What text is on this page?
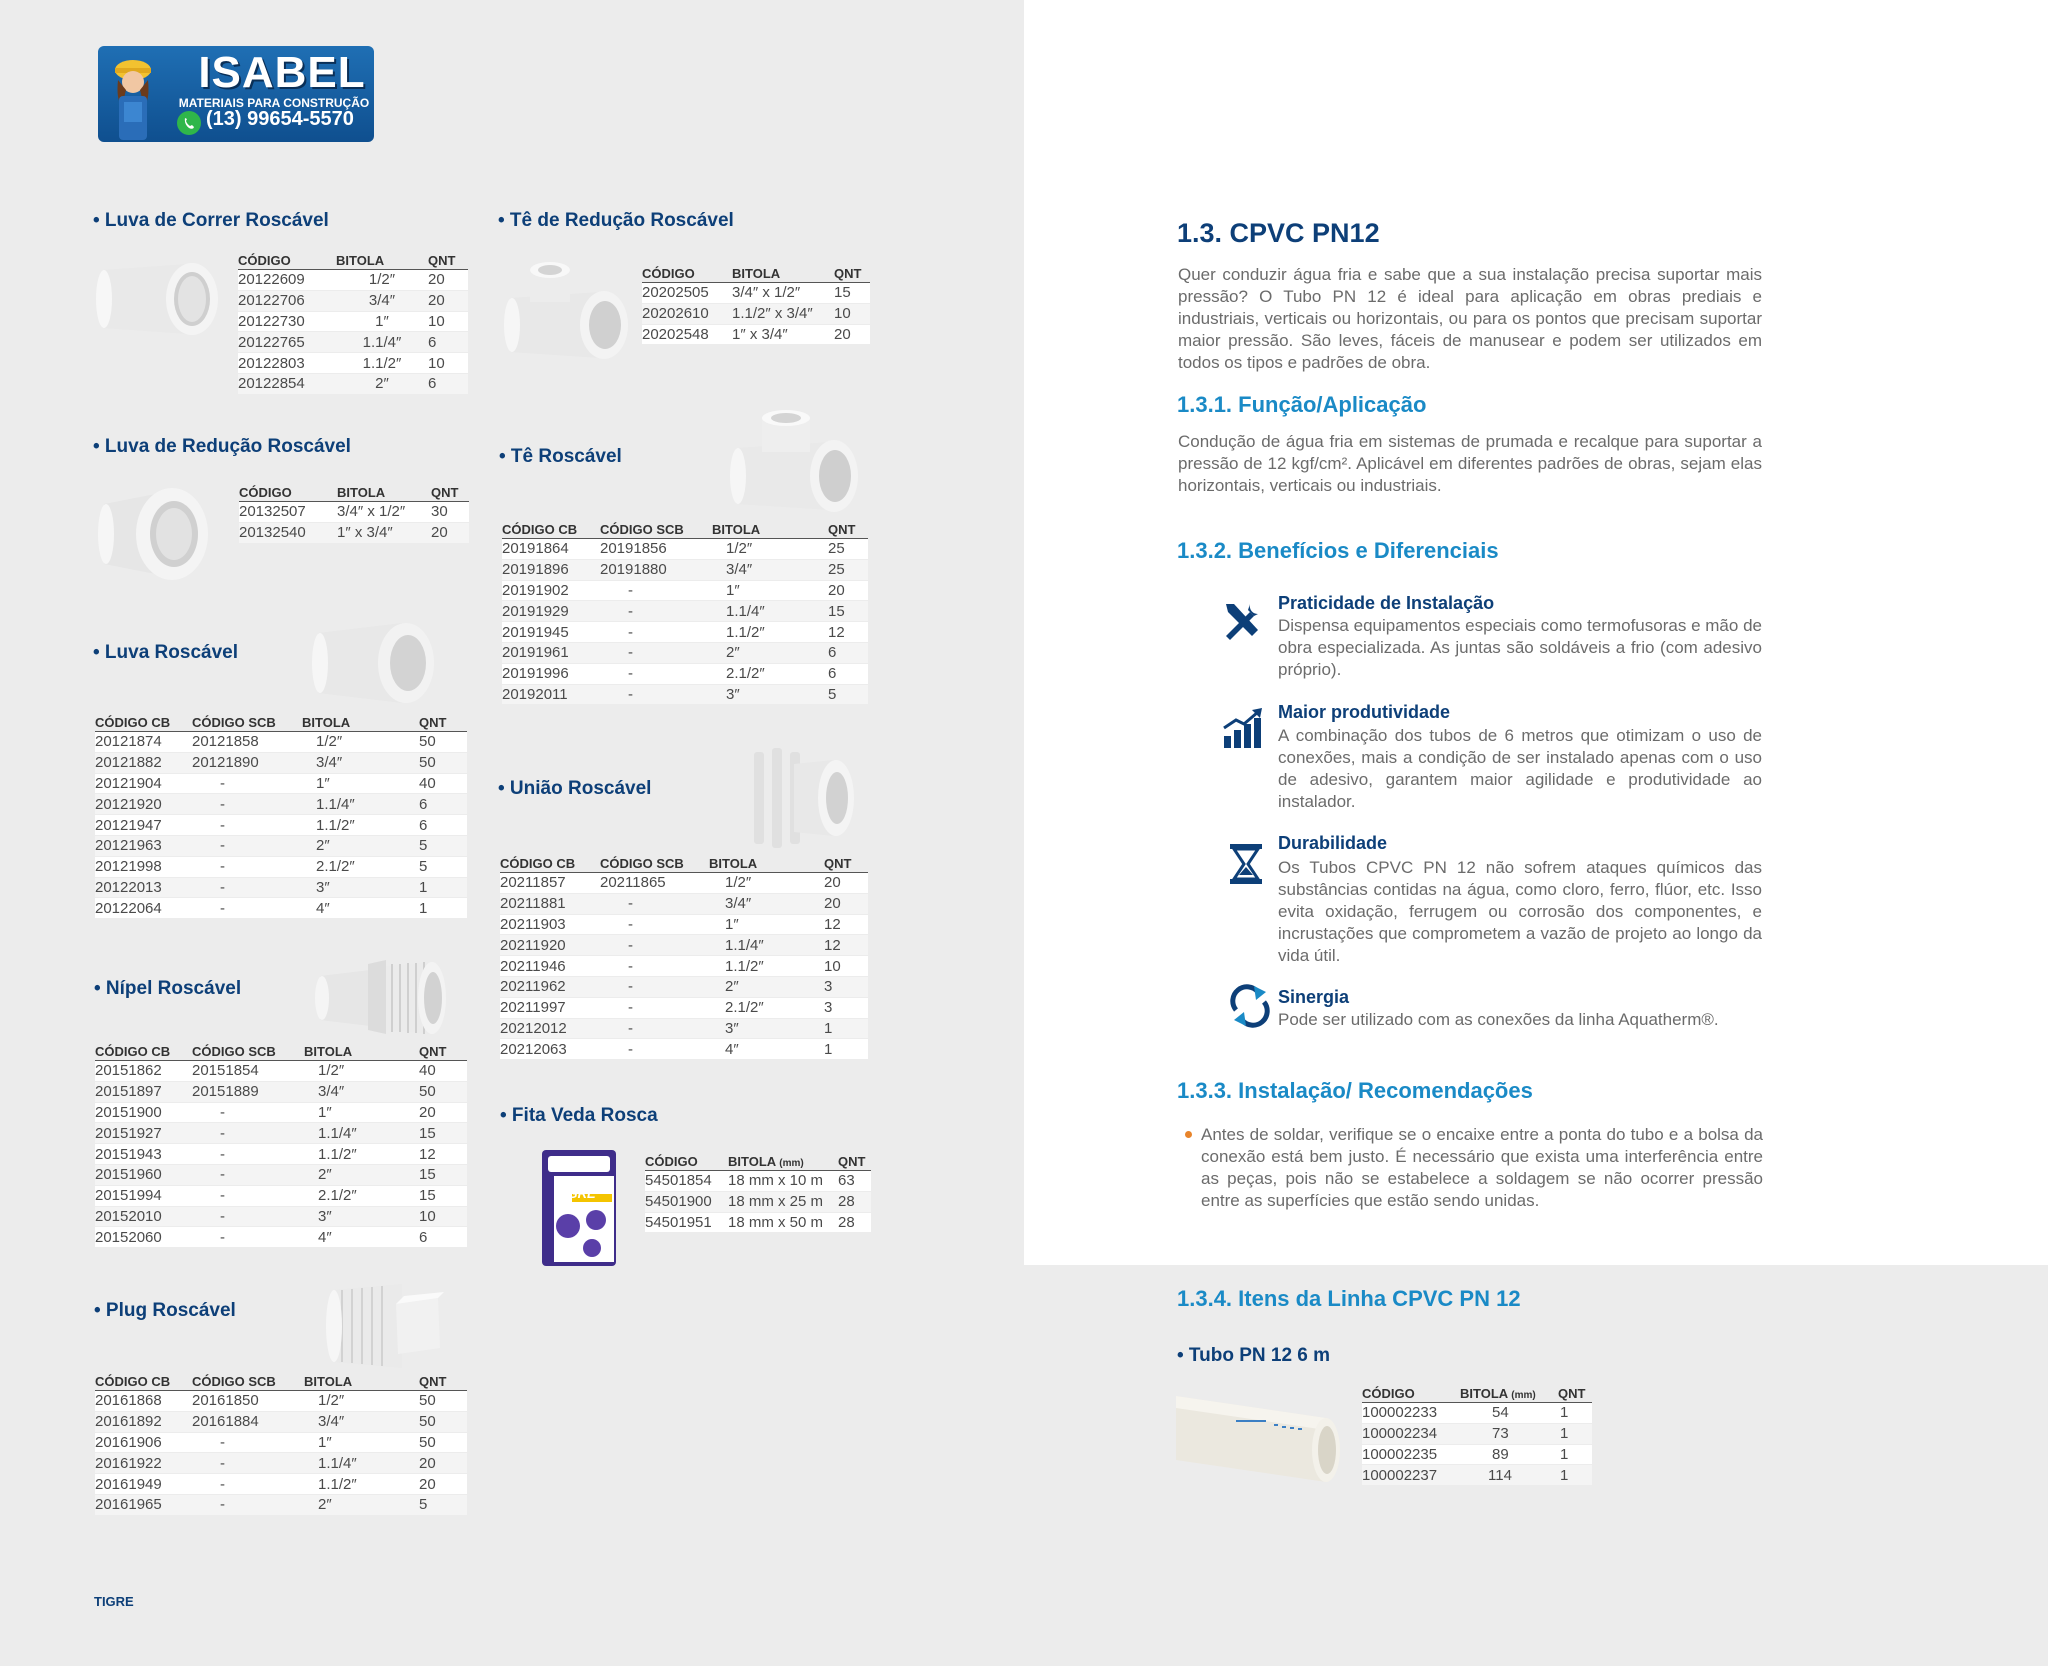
ISABEL
MATERIAIS PARA CONSTRUÇÃO
(13) 99654-5570
• Luva de Correr Roscável
CÓDIGO	BITOLA	QNT
20122609	1/2″	20
20122706	3/4″	20
20122730	1″	10
20122765	1.1/4″	6
20122803	1.1/2″	10
20122854	2″	6
• Luva de Redução Roscável
CÓDIGO	BITOLA	QNT
20132507	3/4″ x 1/2″	30
20132540	1″ x 3/4″	20
• Luva Roscável
CÓDIGO CB	CÓDIGO SCB	BITOLA	QNT
20121874	20121858	1/2″	50
20121882	20121890	3/4″	50
20121904	-	1″	40
20121920	-	1.1/4″	6
20121947	-	1.1/2″	6
20121963	-	2″	5
20121998	-	2.1/2″	5
20122013	-	3″	1
20122064	-	4″	1
• Nípel Roscável
CÓDIGO CB	CÓDIGO SCB	BITOLA	QNT
20151862	20151854	1/2″	40
20151897	20151889	3/4″	50
20151900	-	1″	20
20151927	-	1.1/4″	15
20151943	-	1.1/2″	12
20151960	-	2″	15
20151994	-	2.1/2″	15
20152010	-	3″	10
20152060	-	4″	6
• Plug Roscável
CÓDIGO CB	CÓDIGO SCB	BITOLA	QNT
20161868	20161850	1/2″	50
20161892	20161884	3/4″	50
20161906	-	1″	50
20161922	-	1.1/4″	20
20161949	-	1.1/2″	20
20161965	-	2″	5
• Tê de Redução Roscável
CÓDIGO	BITOLA	QNT
20202505	3/4″ x 1/2″	15
20202610	1.1/2″ x 3/4″	10
20202548	1″ x 3/4″	20
• Tê Roscável
CÓDIGO CB	CÓDIGO SCB	BITOLA	QNT
20191864	20191856	1/2″	25
20191896	20191880	3/4″	25
20191902	-	1″	20
20191929	-	1.1/4″	15
20191945	-	1.1/2″	12
20191961	-	2″	6
20191996	-	2.1/2″	6
20192011	-	3″	5
• União Roscável
CÓDIGO CB	CÓDIGO SCB	BITOLA	QNT
20211857	20211865	1/2″	20
20211881	-	3/4″	20
20211903	-	1″	12
20211920	-	1.1/4″	12
20211946	-	1.1/2″	10
20211962	-	2″	3
20211997	-	2.1/2″	3
20212012	-	3″	1
20212063	-	4″	1
• Fita Veda Rosca
TIGRE
CÓDIGO	BITOLA (mm)	QNT
54501854	18 mm x 10 m	63
54501900	18 mm x 25 m	28
54501951	18 mm x 50 m	28
TIGRE
1.3. CPVC PN12
Quer conduzir água fria e sabe que a sua instalação precisa suportar mais pressão? O Tubo PN 12 é ideal para aplicação em obras prediais e industriais, verticais ou horizontais, ou para os pontos que precisam suportar maior pressão. São leves, fáceis de manusear e podem ser utilizados em todos os tipos e padrões de obra.
1.3.1. Função/Aplicação
Condução de água fria em sistemas de prumada e recalque para suportar a pressão de 12 kgf/cm². Aplicável em diferentes padrões de obras, sejam elas horizontais, verticais ou industriais.
1.3.2. Benefícios e Diferenciais
Praticidade de Instalação
Dispensa equipamentos especiais como termofusoras e mão de obra especializada. As juntas são soldáveis a frio (com adesivo próprio).
Maior produtividade
A combinação dos tubos de 6 metros que otimizam o uso de conexões, mais a condição de ser instalado apenas com o uso de adesivo, garantem maior agilidade e produtividade ao instalador.
Durabilidade
Os Tubos CPVC PN 12 não sofrem ataques químicos das substâncias contidas na água, como cloro, ferro, flúor, etc. Isso evita oxidação, ferrugem ou corrosão dos componentes, e incrustações que comprometem a vazão de projeto ao longo da vida útil.
Sinergia
Pode ser utilizado com as conexões da linha Aquatherm®.
1.3.3. Instalação/ Recomendações
Antes de soldar, verifique se o encaixe entre a ponta do tubo e a bolsa da conexão está bem justo. É necessário que exista uma interferência entre as peças, pois não se estabelece a soldagem se não ocorrer pressão entre as superfícies que estão sendo unidas.
1.3.4. Itens da Linha CPVC PN 12
• Tubo PN 12 6 m
CÓDIGO	BITOLA (mm)	QNT
100002233	54	1
100002234	73	1
100002235	89	1
100002237	114	1
